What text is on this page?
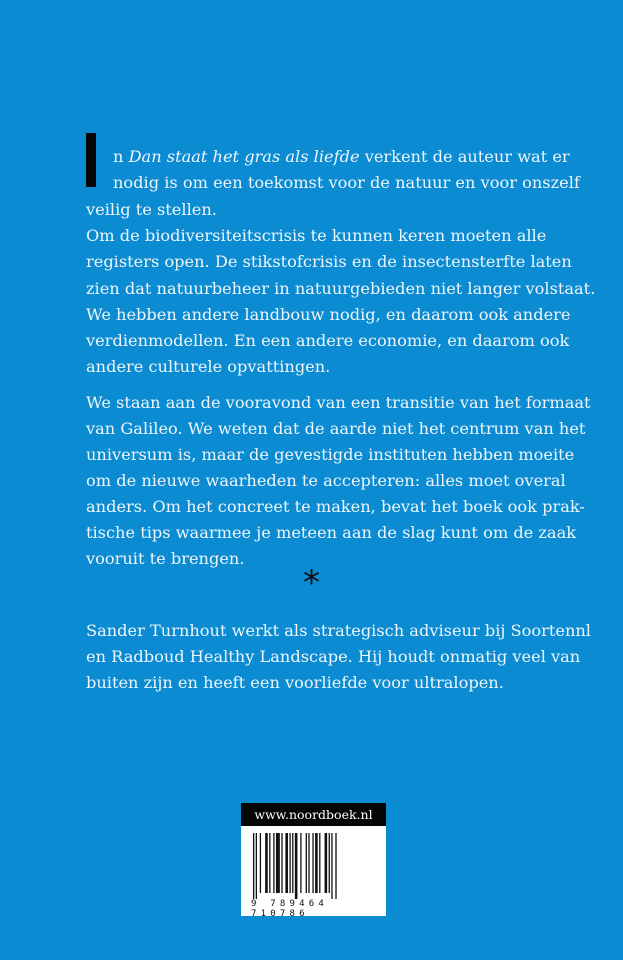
n Dan staat het gras als liefde verkent de auteur wat er
nodig is om een toekomst voor de natuur en voor onszelf
veilig te stellen.
Om de biodiversiteitscrisis te kunnen keren moeten alle
registers open. De stikstofcrisis en de insectensterfte laten
zien dat natuurbeheer in natuurgebieden niet langer volstaat.
We hebben andere landbouw nodig, en daarom ook andere
verdienmodellen. En een andere economie, en daarom ook
andere culturele opvattingen.
We staan aan de vooravond van een transitie van het formaat
van Galileo. We weten dat de aarde niet het centrum van het
universum is, maar de gevestigde instituten hebben moeite
om de nieuwe waarheden te accepteren: alles moet overal
anders. Om het concreet te maken, bevat het boek ook prak-
tische tips waarmee je meteen aan de slag kunt om de zaak
vooruit te brengen.
*
Sander Turnhout werkt als strategisch adviseur bij Soortennl
en Radboud Healthy Landscape. Hij houdt onmatig veel van
buiten zijn en heeft een voorliefde voor ultralopen.
www.noordboek.nl
9 789464 710786
